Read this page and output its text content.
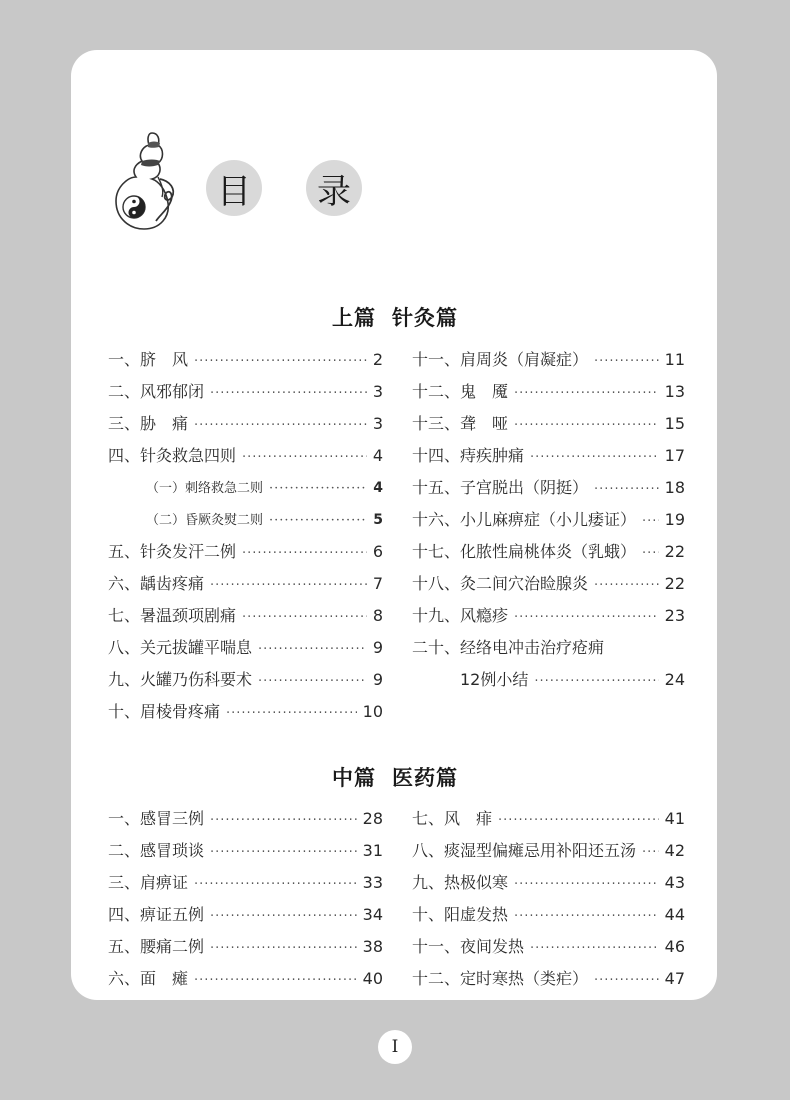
目 录
上篇 针灸篇
一、脐　风 ·····	2
二、风邪郁闭 ·····	3
三、胁　痛 ·····	3
四、针灸救急四则 ·····	4
（一）刺络救急二则 ·····	4
（二）昏厥灸熨二则 ·····	5
五、针灸发汗二例 ·····	6
六、龋齿疼痛 ·····	7
七、暑温颈项剧痛 ·····	8
八、关元拔罐平喘息 ·····	9
九、火罐乃伤科要术 ·····	9
十、眉棱骨疼痛 ·····	10
十一、肩周炎（肩凝症） ·····	11
十二、鬼　魇 ·····	13
十三、聋　哑 ·····	15
十四、痔疾肿痛 ·····	17
十五、子宫脱出（阴挺） ·····	18
十六、小儿麻痹症（小儿痿证） ····· 19
十七、化脓性扁桃体炎（乳蛾） ····· 22
十八、灸二间穴治睑腺炎 ·····	22
十九、风瘾疹 ·····	23
二十、经络电冲击治疗疮痈
12例小结 ·····	24
中篇 医药篇
一、感冒三例 ·····	28
二、感冒琐谈 ·····	31
三、肩痹证 ·····	33
四、痹证五例 ·····	34
五、腰痛二例 ·····	38
六、面　瘫 ·····	40
七、风　痱 ·····	41
八、痰湿型偏瘫忌用补阳还五汤 ····· 42
九、热极似寒 ·····	43
十、阳虚发热 ·····	44
十一、夜间发热 ·····	46
十二、定时寒热（类疟） ·····	47
I
